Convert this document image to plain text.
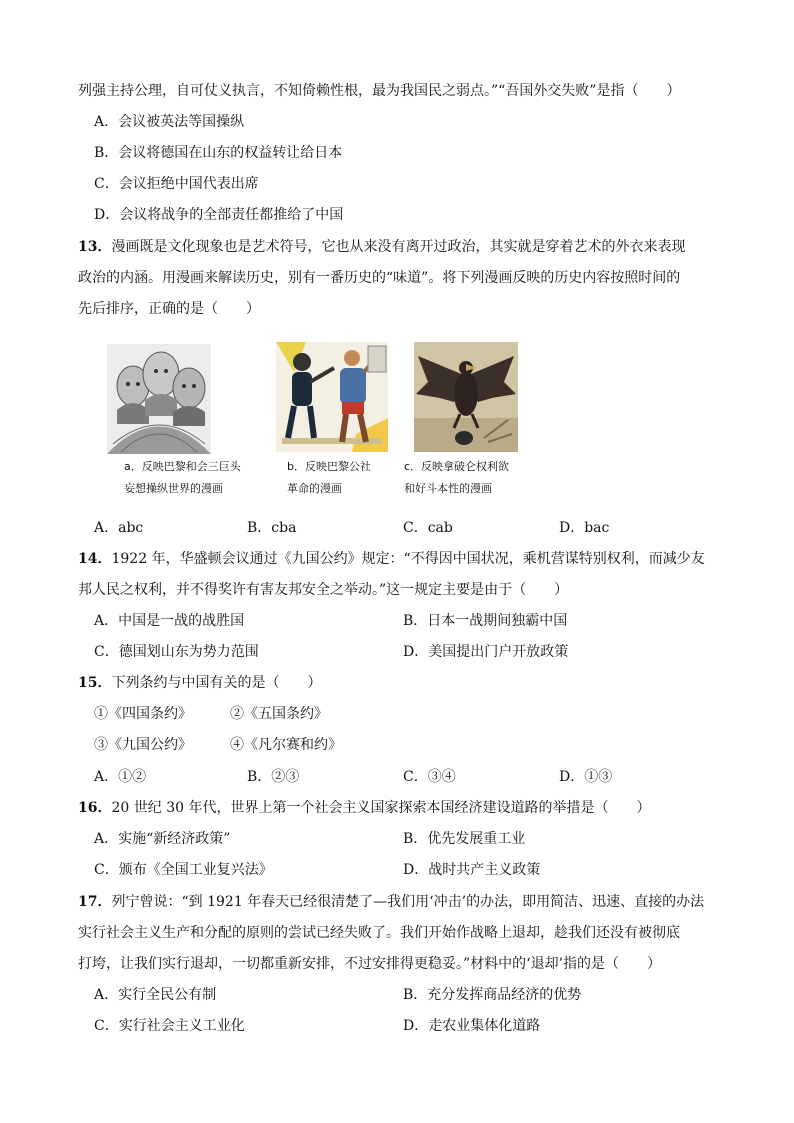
列强主持公理，自可仗义执言，不知倚赖性根，最为我国民之弱点。”“吾国外交失败”是指（　　）
A．会议被英法等国操纵
B．会议将德国在山东的权益转让给日本
C．会议拒绝中国代表出席
D．会议将战争的全部责任都推给了中国
13．漫画既是文化现象也是艺术符号，它也从来没有离开过政治，其实就是穿着艺术的外衣来表现
政治的内涵。用漫画来解读历史，别有一番历史的“味道”。将下列漫画反映的历史内容按照时间的
先后排序，正确的是（　　）
a．反映巴黎和会三巨头
妄想操纵世界的漫画
b．反映巴黎公社
革命的漫画
c．反映拿破仑权利欲
和好斗本性的漫画
A．abc	B．cba	C．cab	D．bac
14．1922 年，华盛顿会议通过《九国公约》规定：“不得因中国状况，乘机营谋特别权利，而减少友
邦人民之权利，并不得奖许有害友邦安全之举动。”这一规定主要是由于（　　）
A．中国是一战的战胜国	B．日本一战期间独霸中国
C．德国划山东为势力范围	D．美国提出门户开放政策
15．下列条约与中国有关的是（　　）
①《四国条约》	②《五国条约》
③《九国公约》	④《凡尔赛和约》
A．①②	B．②③	C．③④	D．①③
16．20 世纪 30 年代，世界上第一个社会主义国家探索本国经济建设道路的举措是（　　）
A．实施“新经济政策”	B．优先发展重工业
C．颁布《全国工业复兴法》	D．战时共产主义政策
17．列宁曾说：“到 1921 年春天已经很清楚了—我们用‘冲击’的办法，即用简洁、迅速、直接的办法
实行社会主义生产和分配的原则的尝试已经失败了。我们开始作战略上退却，趁我们还没有被彻底
打垮，让我们实行退却，一切都重新安排，不过安排得更稳妥。”材料中的‘退却’指的是（　　）
A．实行全民公有制	B．充分发挥商品经济的优势
C．实行社会主义工业化	D．走农业集体化道路
